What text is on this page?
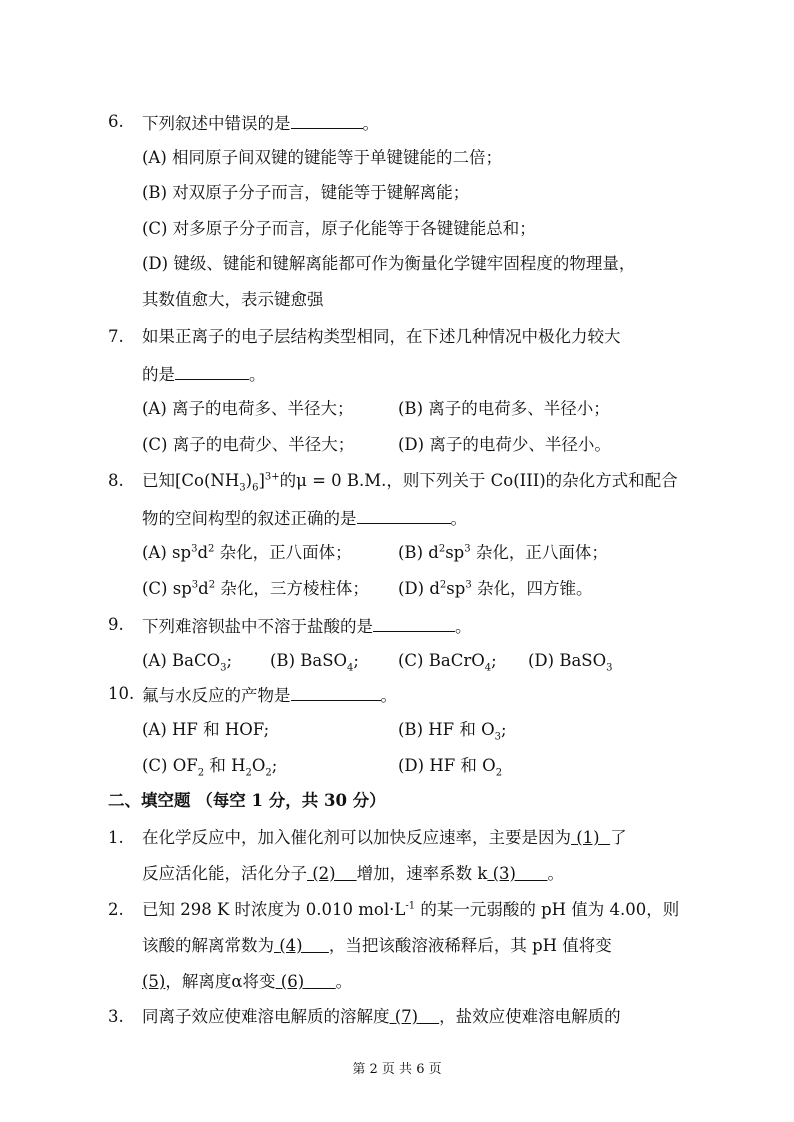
6. 下列叙述中错误的是	。
(A) 相同原子间双键的键能等于单键键能的二倍；
(B) 对双原子分子而言，键能等于键解离能；
(C) 对多原子分子而言，原子化能等于各键键能总和；
(D) 键级、键能和键解离能都可作为衡量化学键牢固程度的物理量，
其数值愈大，表示键愈强
7. 如果正离子的电子层结构类型相同，在下述几种情况中极化力较大
的是	。
(A) 离子的电荷多、半径大；	(B) 离子的电荷多、半径小；
(C) 离子的电荷少、半径大；	(D) 离子的电荷少、半径小。
8. 已知$[Co(NH_3)_6]^{3+}$的μ = 0 B.M.，则下列关于 Co(III)的杂化方式和配合
物的空间构型的叙述正确的是	。
(A) $sp^3d^2$ 杂化，正八面体；	(B) $d^2sp^3$ 杂化，正八面体；
(C) $sp^3d^2$ 杂化，三方棱柱体； (D) $d^2sp^3$ 杂化，四方锥。
9. 下列难溶钡盐中不溶于盐酸的是	。
(A) BaCO$_3$; (B) BaSO$_4$; (C) BaCrO$_4$; (D) BaSO$_3$
10. 氟与水反应的产物是	。
(A) HF 和 HOF;	(B) HF 和 $O_3$;
(C) $OF_2$ 和 $H_2O_2$;	(D) HF 和 $O_2$
二、填空题 （每空 1 分，共 30 分）
1. 在化学反应中，加入催化剂可以加快反应速率，主要是因为 (1) 了
反应活化能，活化分子 (2) 增加，速率系数 k (3) 。
2. 已知 298 K 时浓度为 0.010 $mol\cdot L^{-1}$ 的某一元弱酸的 pH 值为 4.00，则
该酸的解离常数为 (4) ，当把该酸溶液稀释后，其 pH 值将变
(5)，解离度α将变 (6) 。
3. 同离子效应使难溶电解质的溶解度 (7) ，盐效应使难溶电解质的
第 2 页 共 6 页
